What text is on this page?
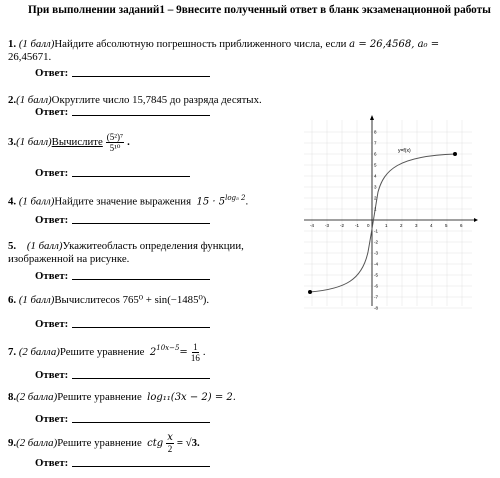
При выполнении заданий1 – 9внесите полученный ответ в бланк экзаменационной работы
1. (1 балл)Найдите абсолютную погрешность приближенного числа, если a = 26,4568, a₀ =
26,45671.
Ответ:
2.(1 балл)Округлите число 15,7845 до разряда десятых.
Ответ:
3. (1 балл) Вычислите $\frac{\text{(5²)⁷}}{\text{5¹⁰}}$ .
Ответ:
4. (1 балл)Найдите значение выражения $15 \cdot 5^{log_5 2}$.
Ответ:
5. (1 балл)Укажитеобласть определения функции,
изображенной на рисунке.
Ответ:
6. (1 балл)Вычислитеcos 765⁰ + sin(−1485⁰).
Ответ:
7.
(2 балла) Решите уравнение
$2^{10x-5} = \frac{1}{16}$ .
Ответ:
8.(2 балла)Решите уравнение log₁₁(3x − 2) = 2.
Ответ:
9. (2 балла) Решите уравнение
ctg $\frac{x}{2} = √3$.
Ответ:
y=f(x)
0
-4 -3 -2 -1	1	2	3	4	5	6
8
7
6
5
4
3
2
1
-1
-2
-3
-4
-5
-6
-7
-8
